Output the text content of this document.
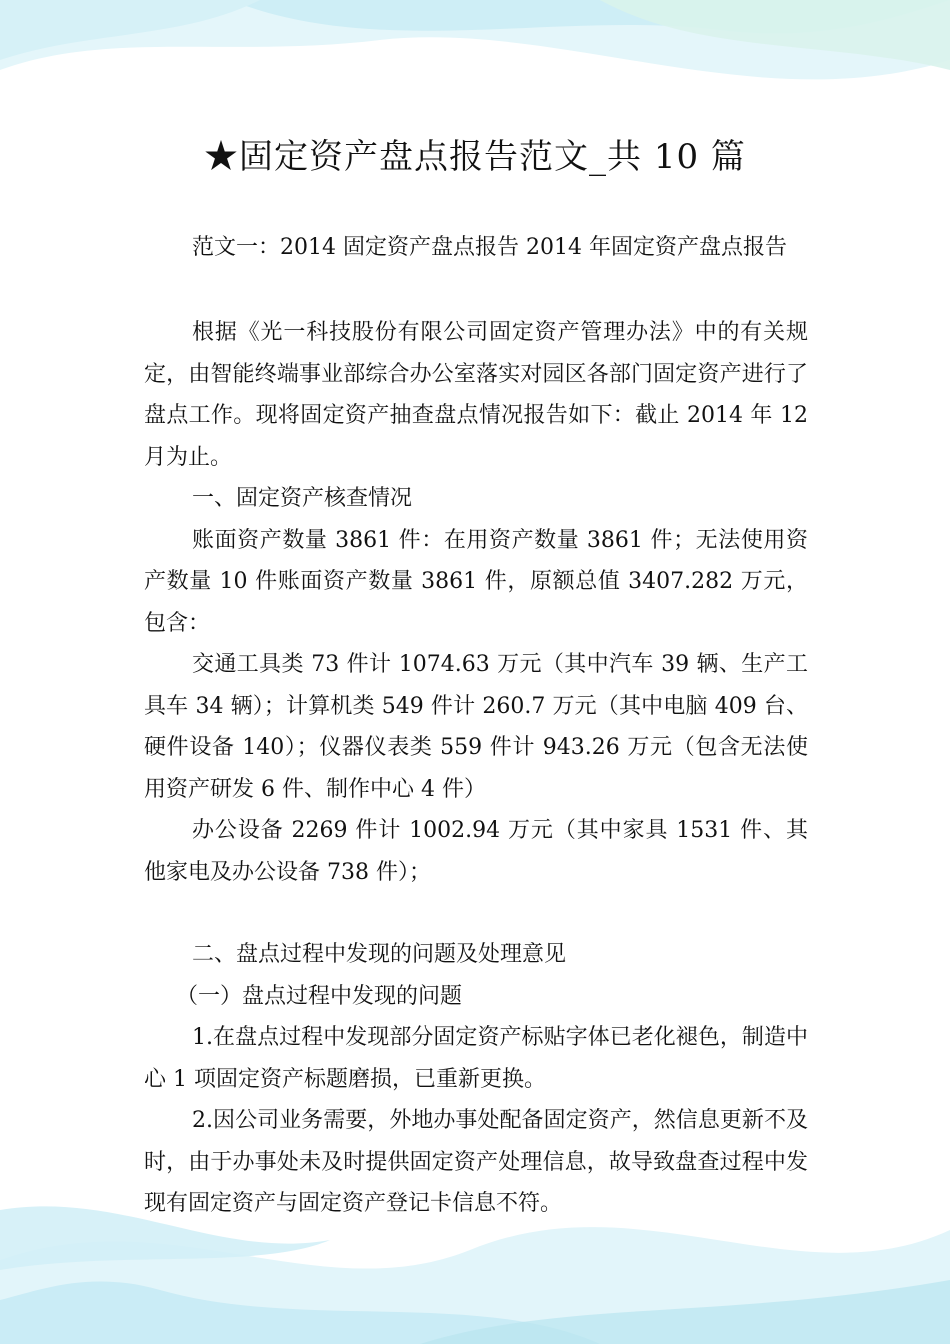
★固定资产盘点报告范文_共 10 篇
范文一：2014 固定资产盘点报告 2014 年固定资产盘点报告

根据《光一科技股份有限公司固定资产管理办法》中的有关规定，由智能终端事业部综合办公室落实对园区各部门固定资产进行了盘点工作。现将固定资产抽查盘点情况报告如下：截止 2014 年 12 月为止。

一、固定资产核查情况

账面资产数量 3861 件：在用资产数量 3861 件；无法使用资产数量 10 件账面资产数量 3861 件，原额总值 3407.282 万元，包含：

交通工具类 73 件计 1074.63 万元（其中汽车 39 辆、生产工具车 34 辆）；计算机类 549 件计 260.7 万元（其中电脑 409 台、硬件设备 140）；仪器仪表类 559 件计 943.26 万元（包含无法使用资产研发 6 件、制作中心 4 件）

办公设备 2269 件计 1002.94 万元（其中家具 1531 件、其他家电及办公设备 738 件）；

二、盘点过程中发现的问题及处理意见

（一）盘点过程中发现的问题

1.在盘点过程中发现部分固定资产标贴字体已老化褪色，制造中心 1 项固定资产标题磨损，已重新更换。

2.因公司业务需要，外地办事处配备固定资产，然信息更新不及时，由于办事处未及时提供固定资产处理信息，故导致盘查过程中发现有固定资产与固定资产登记卡信息不符。
